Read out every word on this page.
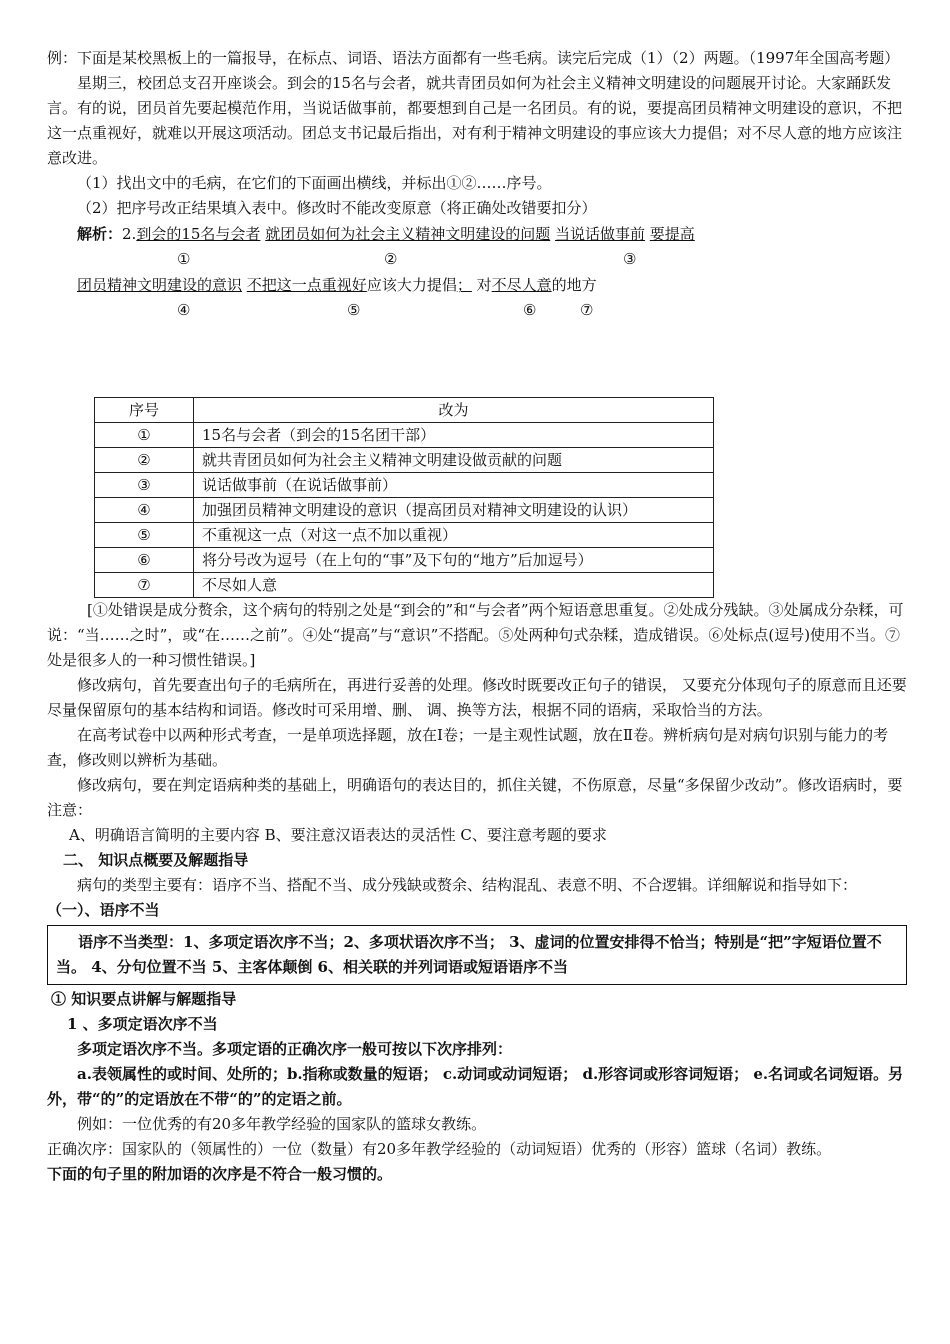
例：下面是某校黑板上的一篇报导，在标点、词语、语法方面都有一些毛病。读完后完成（1）（2）两题。（1997年全国高考题）

星期三，校团总支召开座谈会。到会的15名与会者，就共青团员如何为社会主义精神文明建设的问题展开讨论。大家踊跃发言。有的说，团员首先要起模范作用，当说话做事前，都要想到自己是一名团员。有的说，要提高团员精神文明建设的意识，不把这一点重视好，就难以开展这项活动。团总支书记最后指出，对有利于精神文明建设的事应该大力提倡；对不尽人意的地方应该注意改进。

（1）找出文中的毛病，在它们的下面画出横线，并标出①②……序号。

（2）把序号改正结果填入表中。修改时不能改变原意（将正确处改错要扣分）

解析：2.到会的15名与会者 就团员如何为社会主义精神文明建设的问题 当说话做事前 要提高

①	②	③

团员精神文明建设的意识 不把这一点重视好应该大力提倡； 对不尽人意的地方

④	⑤	⑥	⑦
序号	改为
①	15名与会者（到会的15名团干部）
②	就共青团员如何为社会主义精神文明建设做贡献的问题
③	说话做事前（在说话做事前）
④	加强团员精神文明建设的意识（提高团员对精神文明建设的认识）
⑤	不重视这一点（对这一点不加以重视）
⑥	将分号改为逗号（在上句的“事”及下句的“地方”后加逗号）
⑦	不尽如人意

[①处错误是成分赘余，这个病句的特别之处是“到会的”和“与会者”两个短语意思重复。②处成分残缺。③处属成分杂糅，可说：“当……之时”，或“在……之前”。④处“提高”与“意识”不搭配。⑤处两种句式杂糅，造成错误。⑥处标点(逗号)使用不当。⑦处是很多人的一种习惯性错误。]

修改病句，首先要查出句子的毛病所在，再进行妥善的处理。修改时既要改正句子的错误， 又要充分体现句子的原意而且还要尽量保留原句的基本结构和词语。修改时可采用增、删、 调、换等方法，根据不同的语病，采取恰当的方法。

在高考试卷中以两种形式考查，一是单项选择题，放在Ⅰ卷；一是主观性试题，放在Ⅱ卷。辨析病句是对病句识别与能力的考查，修改则以辨析为基础。

修改病句，要在判定语病种类的基础上，明确语句的表达目的，抓住关键，不伤原意，尽量“多保留少改动”。修改语病时，要注意：

A、明确语言简明的主要内容 B、要注意汉语表达的灵活性 C、要注意考题的要求

二、 知识点概要及解题指导

病句的类型主要有：语序不当、搭配不当、成分残缺或赘余、结构混乱、表意不明、不合逻辑。详细解说和指导如下：

（一）、语序不当

语序不当类型：1、多项定语次序不当；2、多项状语次序不当； 3、虚词的位置安排得不恰当；特别是“把”字短语位置不当。 4、分句位置不当 5、主客体颠倒 6、相关联的并列词语或短语语序不当

① 知识要点讲解与解题指导

1 、多项定语次序不当

多项定语次序不当。多项定语的正确次序一般可按以下次序排列：

a.表领属性的或时间、处所的；b.指称或数量的短语； c.动词或动词短语； d.形容词或形容词短语； e.名词或名词短语。另外，带“的”的定语放在不带“的”的定语之前。

例如：一位优秀的有20多年教学经验的国家队的篮球女教练。

正确次序：国家队的（领属性的）一位（数量）有20多年教学经验的（动词短语）优秀的（形容）篮球（名词）教练。

下面的句子里的附加语的次序是不符合一般习惯的。
